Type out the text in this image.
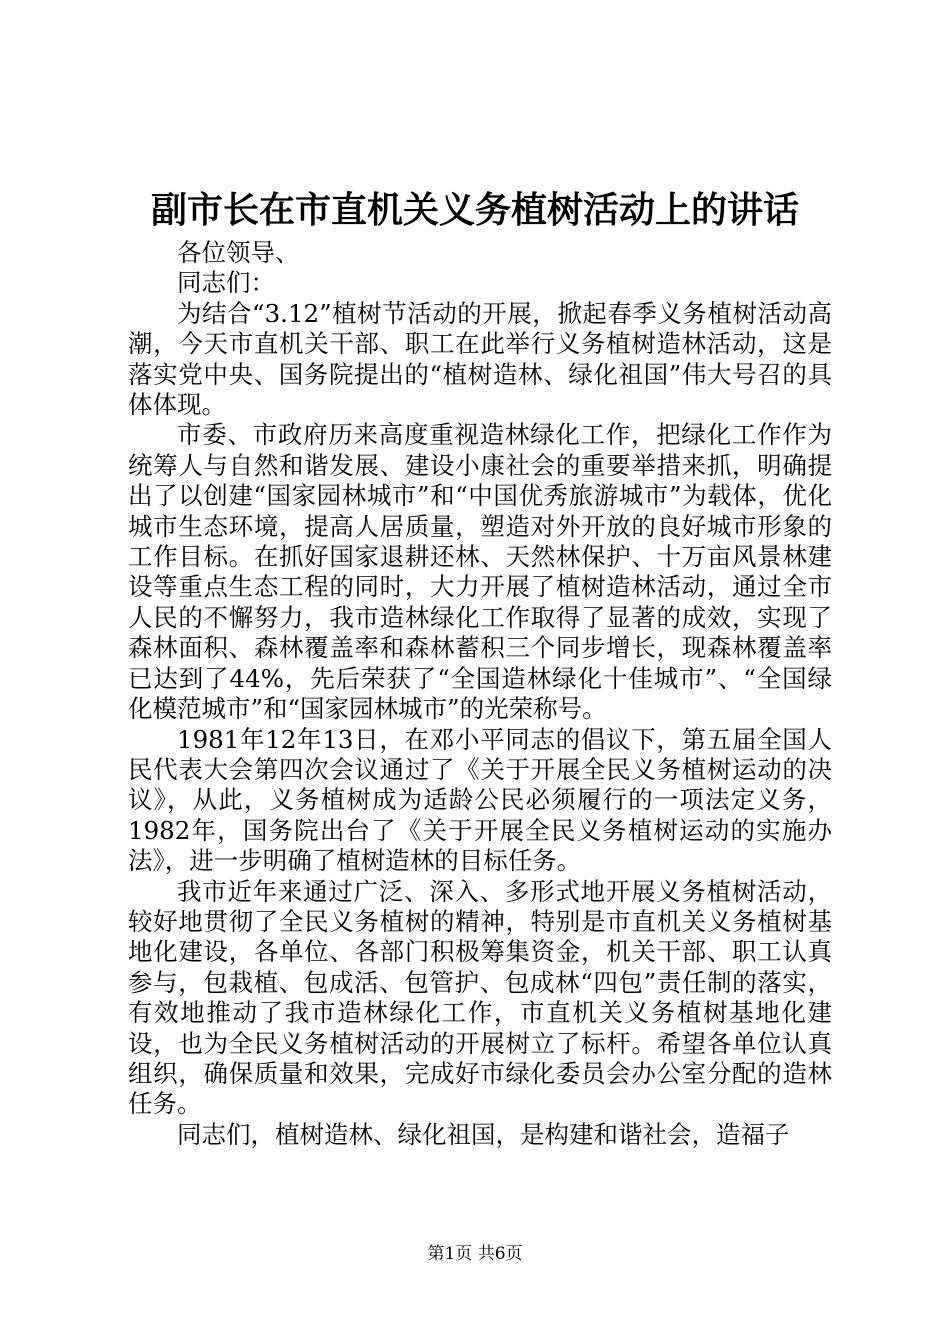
副市长在市直机关义务植树活动上的讲话

各位领导、

同志们：

为结合“3.12”植树节活动的开展，掀起春季义务植树活动高潮，今天市直机关干部、职工在此举行义务植树造林活动，这是落实党中央、国务院提出的“植树造林、绿化祖国”伟大号召的具体体现。

市委、市政府历来高度重视造林绿化工作，把绿化工作作为统筹人与自然和谐发展、建设小康社会的重要举措来抓，明确提出了以创建“国家园林城市”和“中国优秀旅游城市”为载体，优化城市生态环境，提高人居质量，塑造对外开放的良好城市形象的工作目标。在抓好国家退耕还林、天然林保护、十万亩风景林建设等重点生态工程的同时，大力开展了植树造林活动，通过全市人民的不懈努力，我市造林绿化工作取得了显著的成效，实现了森林面积、森林覆盖率和森林蓄积三个同步增长，现森林覆盖率已达到了44%，先后荣获了“全国造林绿化十佳城市”、“全国绿化模范城市”和“国家园林城市”的光荣称号。

1981年12年13日，在邓小平同志的倡议下，第五届全国人民代表大会第四次会议通过了《关于开展全民义务植树运动的决议》，从此，义务植树成为适龄公民必须履行的一项法定义务，1982年，国务院出台了《关于开展全民义务植树运动的实施办法》，进一步明确了植树造林的目标任务。

我市近年来通过广泛、深入、多形式地开展义务植树活动，较好地贯彻了全民义务植树的精神，特别是市直机关义务植树基地化建设，各单位、各部门积极筹集资金，机关干部、职工认真参与，包栽植、包成活、包管护、包成林“四包”责任制的落实，有效地推动了我市造林绿化工作，市直机关义务植树基地化建设，也为全民义务植树活动的开展树立了标杆。希望各单位认真组织，确保质量和效果，完成好市绿化委员会办公室分配的造林任务。

同志们，植树造林、绿化祖国，是构建和谐社会，造福子

第1页 共6页
